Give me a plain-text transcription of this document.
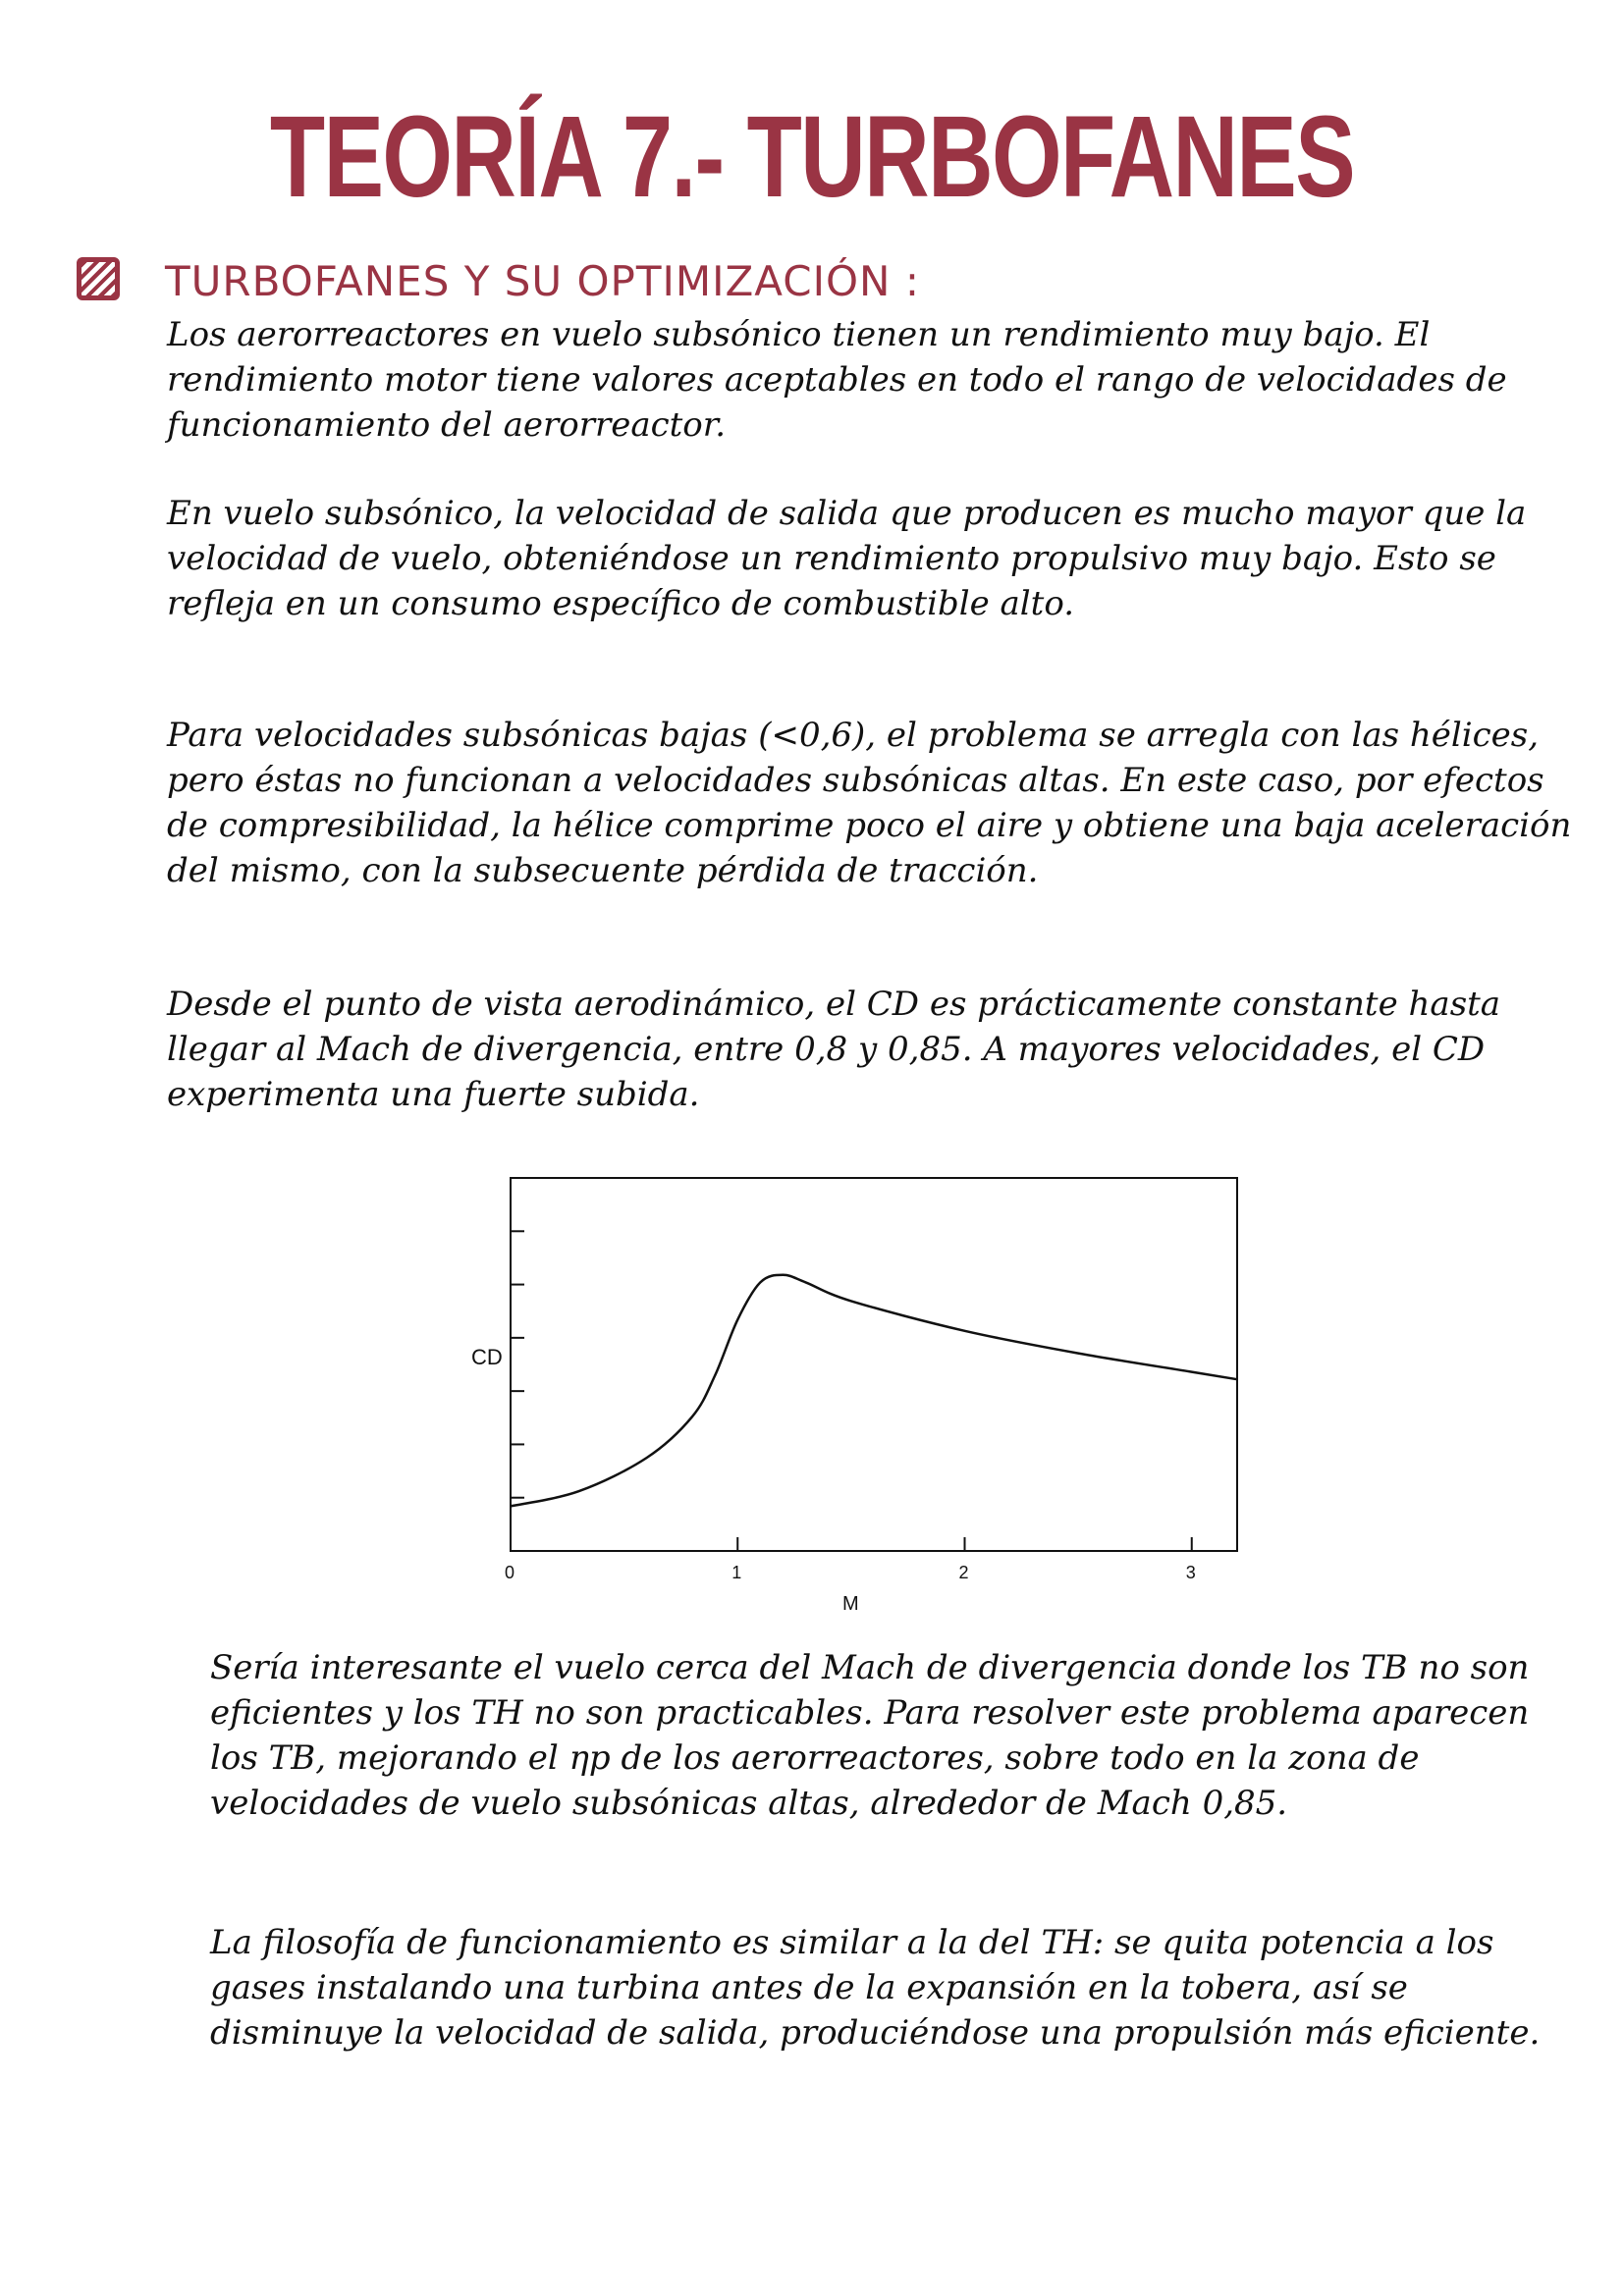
TEORÍA 7.- TURBOFANES
TURBOFANES Y SU OPTIMIZACIÓN :
Los aerorreactores en vuelo subsónico tienen un rendimiento muy bajo. El rendimiento motor tiene valores aceptables en todo el rango de velocidades de funcionamiento del aerorreactor.
En vuelo subsónico, la velocidad de salida que producen es mucho mayor que la velocidad de vuelo, obteniéndose un rendimiento propulsivo muy bajo. Esto se refleja en un consumo específico de combustible alto.
Para velocidades subsónicas bajas (<0,6), el problema se arregla con las hélices, pero éstas no funcionan a velocidades subsónicas altas. En este caso, por efectos de compresibilidad, la hélice comprime poco el aire y obtiene una baja aceleración del mismo, con la subsecuente pérdida de tracción.
Desde el punto de vista aerodinámico, el CD es prácticamente constante hasta llegar al Mach de divergencia, entre 0,8 y 0,85. A mayores velocidades, el CD experimenta una fuerte subida.
0	1	2	3
CD
M
Sería interesante el vuelo cerca del Mach de divergencia donde los TB no son eficientes y los TH no son practicables. Para resolver este problema aparecen los TB, mejorando el ηp de los aerorreactores, sobre todo en la zona de velocidades de vuelo subsónicas altas, alrededor de Mach 0,85.
La filosofía de funcionamiento es similar a la del TH: se quita potencia a los gases instalando una turbina antes de la expansión en la tobera, así se disminuye la velocidad de salida, produciéndose una propulsión más eficiente.
